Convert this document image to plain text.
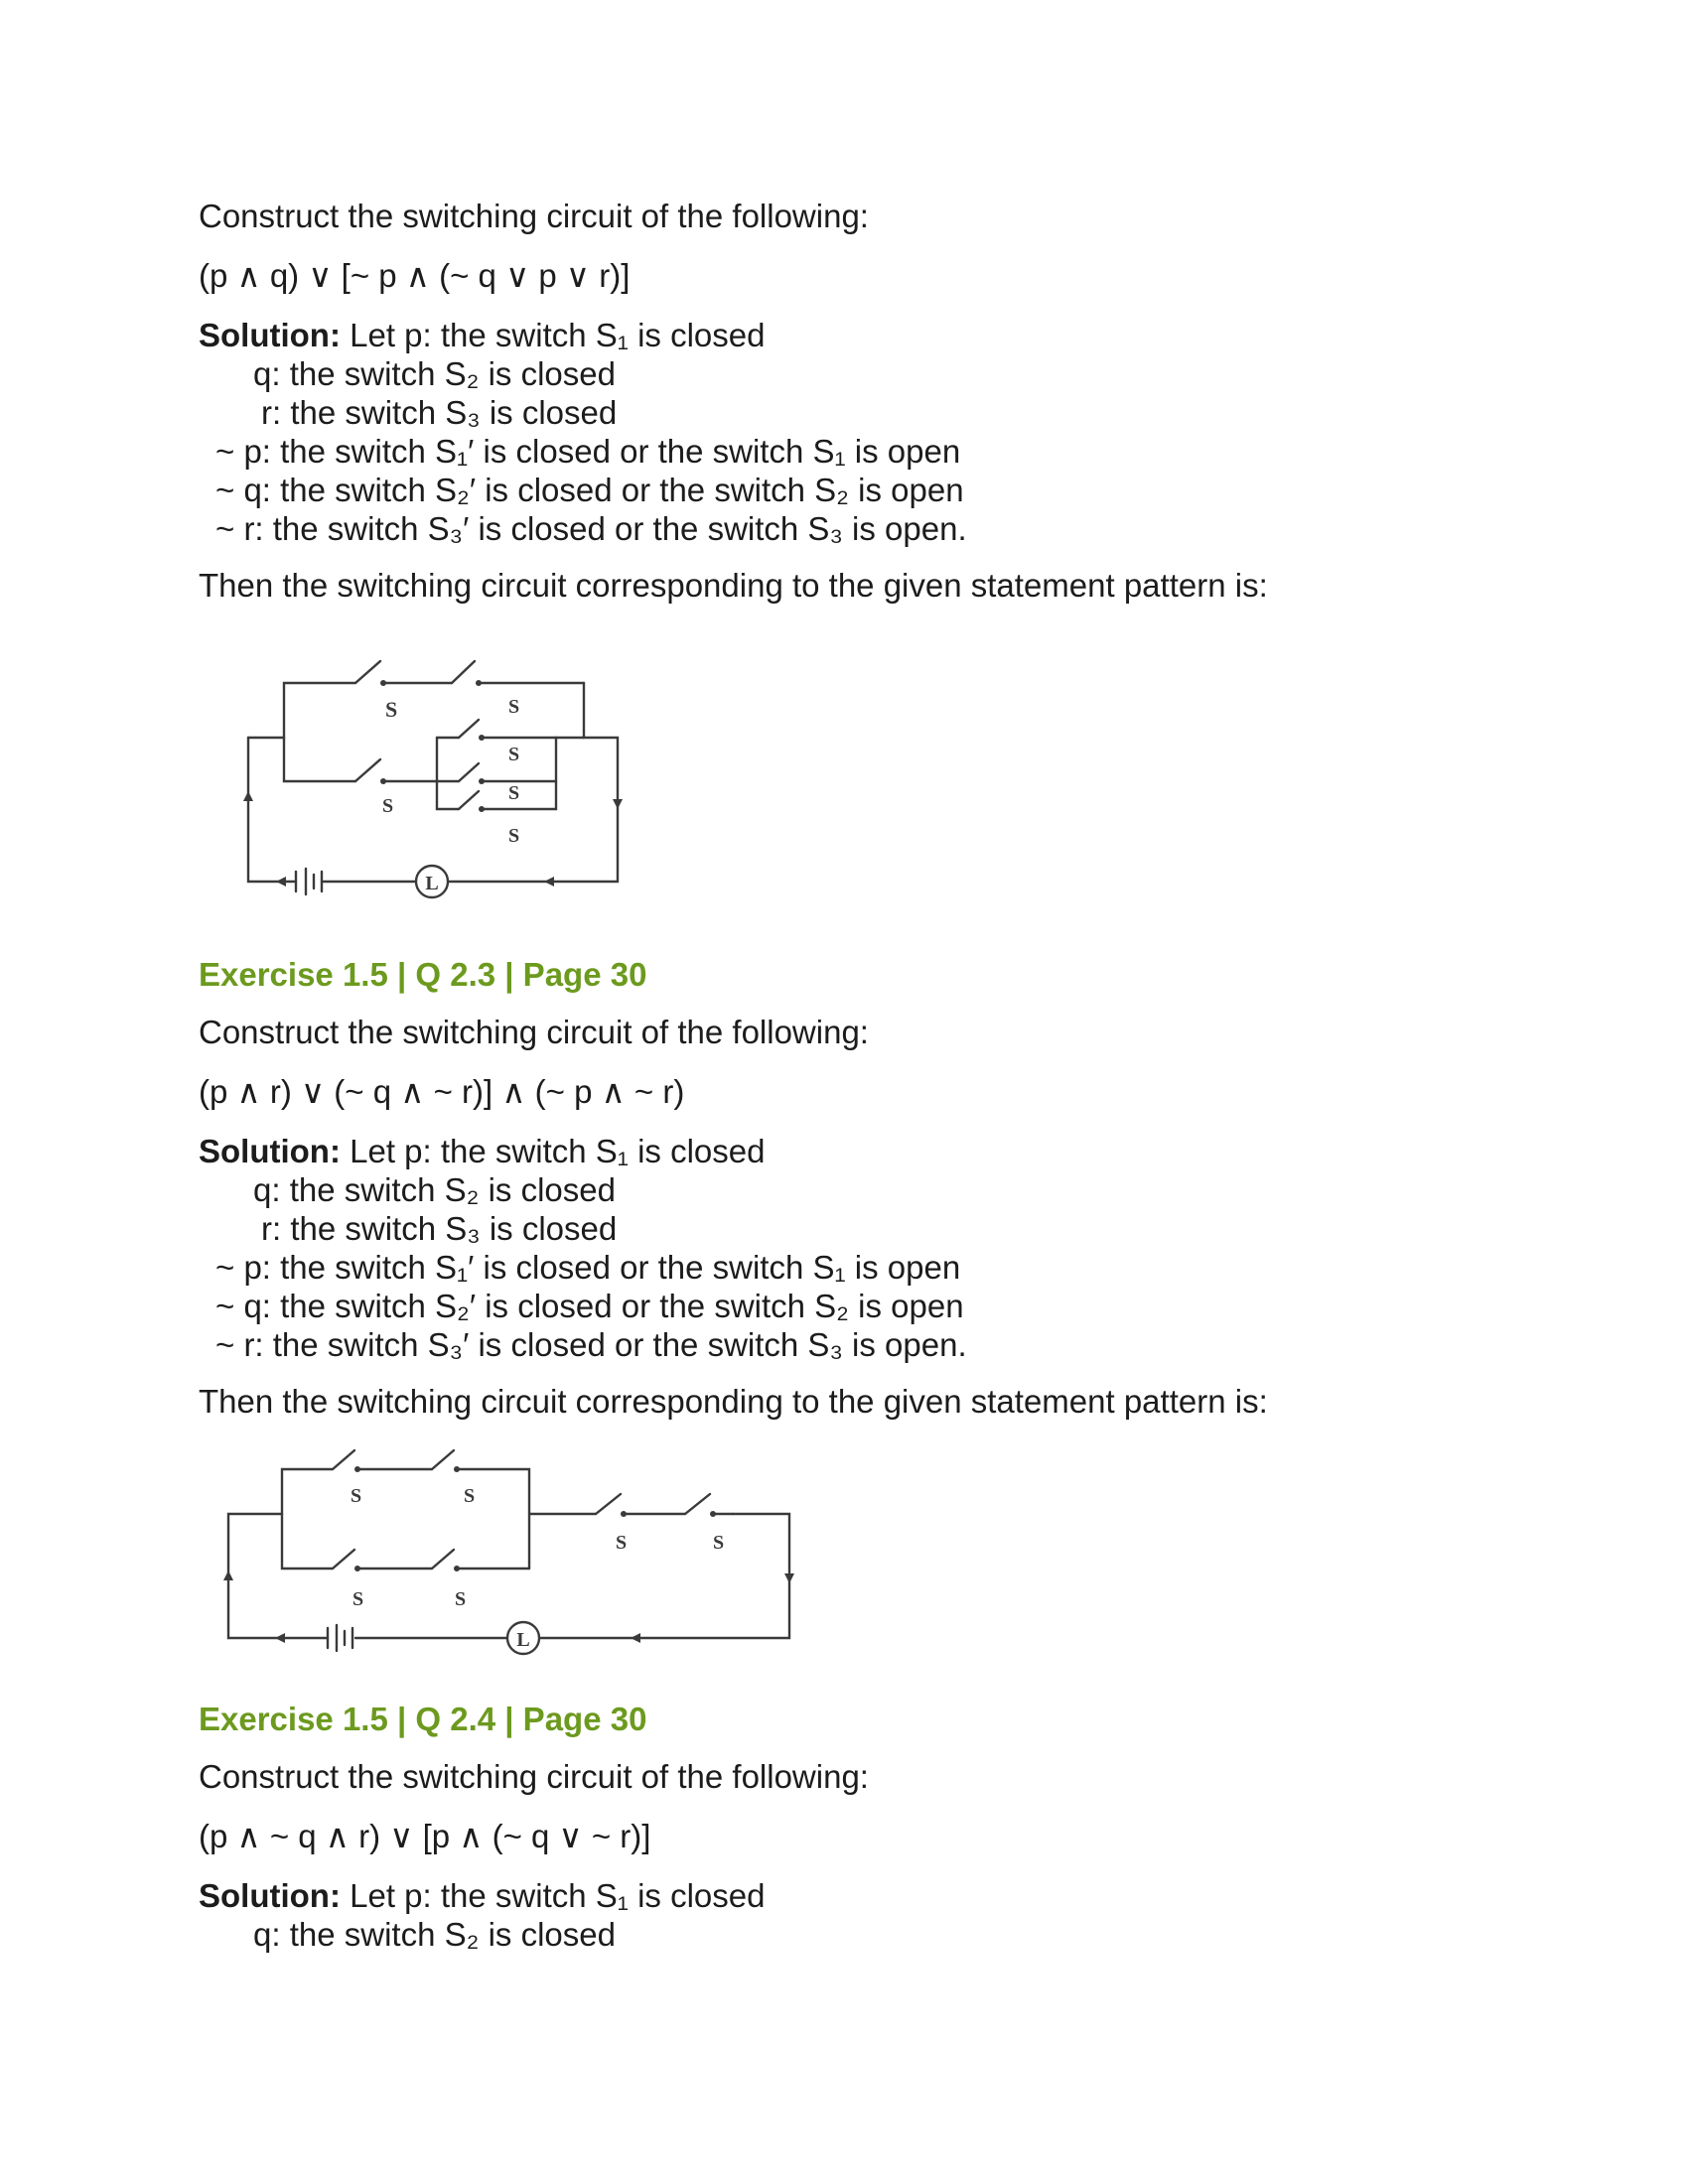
Construct the switching circuit of the following:
(p ∧ q) ∨ [~ p ∧ (~ q ∨ p ∨ r)]
Solution: Let p: the switch S₁ is closed
q: the switch S₂ is closed
r: the switch S₃ is closed
~ p: the switch S₁′ is closed or the switch S₁ is open
~ q: the switch S₂′ is closed or the switch S₂ is open
~ r: the switch S₃′ is closed or the switch S₃ is open.
Then the switching circuit corresponding to the given statement pattern is:
L
S	S
S
S
S
S
Exercise 1.5 | Q 2.3 | Page 30
Construct the switching circuit of the following:
(p ∧ r) ∨ (~ q ∧ ~ r)] ∧ (~ p ∧ ~ r)
Solution: Let p: the switch S₁ is closed
q: the switch S₂ is closed
r: the switch S₃ is closed
~ p: the switch S₁′ is closed or the switch S₁ is open
~ q: the switch S₂′ is closed or the switch S₂ is open
~ r: the switch S₃′ is closed or the switch S₃ is open.
Then the switching circuit corresponding to the given statement pattern is:
L
S	S
S	S
S	S
Exercise 1.5 | Q 2.4 | Page 30
Construct the switching circuit of the following:
(p ∧ ~ q ∧ r) ∨ [p ∧ (~ q ∨ ~ r)]
Solution: Let p: the switch S₁ is closed
q: the switch S₂ is closed
